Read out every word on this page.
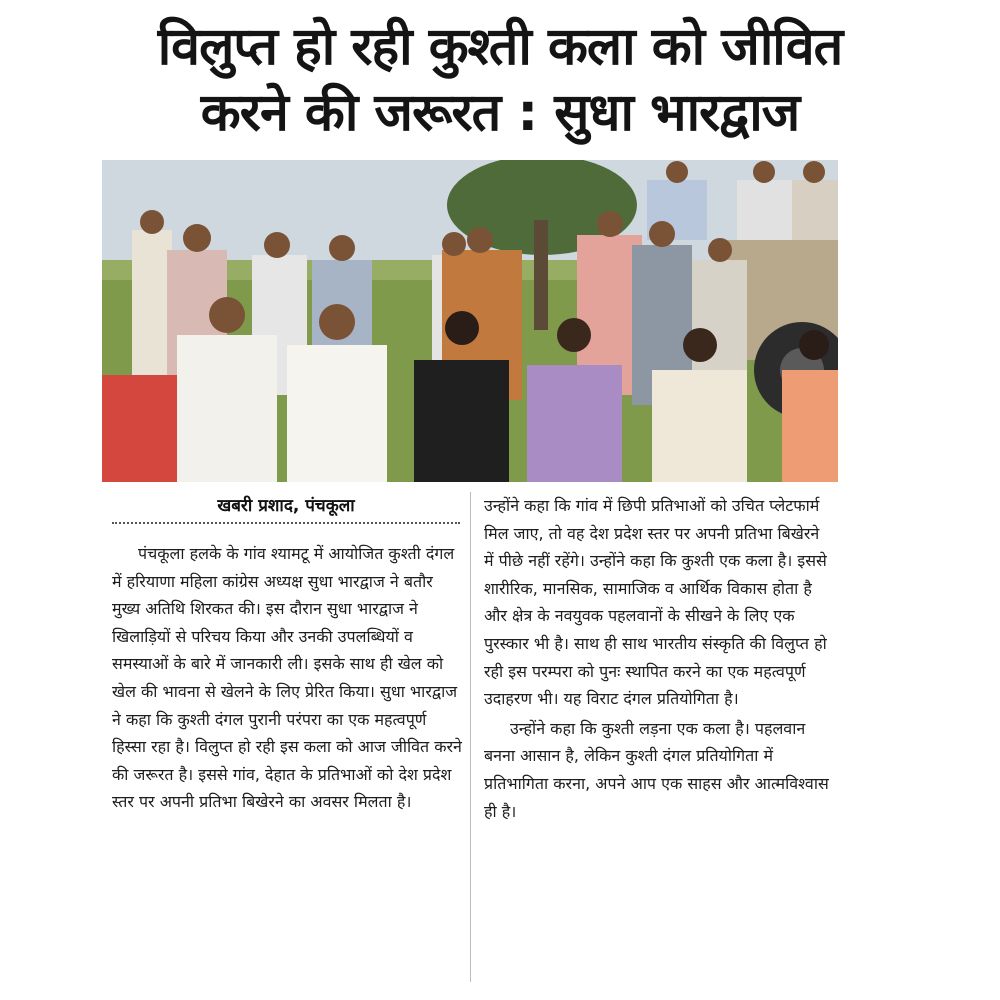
विलुप्त हो रही कुश्ती कला को जीवित
करने की जरूरत : सुधा भारद्वाज
खबरी प्रशाद, पंचकूला

पंचकूला हलके के गांव श्यामटू में आयोजित कुश्ती दंगल में हरियाणा महिला कांग्रेस अध्यक्ष सुधा भारद्वाज ने बतौर मुख्य अतिथि शिरकत की। इस दौरान सुधा भारद्वाज ने खिलाड़ियों से परिचय किया और उनकी उपलब्धियों व समस्याओं के बारे में जानकारी ली। इसके साथ ही खेल को खेल की भावना से खेलने के लिए प्रेरित किया। सुधा भारद्वाज ने कहा कि कुश्ती दंगल पुरानी परंपरा का एक महत्वपूर्ण हिस्सा रहा है। विलुप्त हो रही इस कला को आज जीवित करने की जरूरत है। इससे गांव, देहात के प्रतिभाओं को देश प्रदेश स्तर पर अपनी प्रतिभा बिखेरने का अवसर मिलता है।

उन्होंने कहा कि गांव में छिपी प्रतिभाओं को उचित प्लेटफार्म मिल जाए, तो वह देश प्रदेश स्तर पर अपनी प्रतिभा बिखेरने में पीछे नहीं रहेंगे। उन्होंने कहा कि कुश्ती एक कला है। इससे शारीरिक, मानसिक, सामाजिक व आर्थिक विकास होता है और क्षेत्र के नवयुवक पहलवानों के सीखने के लिए एक पुरस्कार भी है। साथ ही साथ भारतीय संस्कृति की विलुप्त हो रही इस परम्परा को पुनः स्थापित करने का एक महत्वपूर्ण उदाहरण भी। यह विराट दंगल प्रतियोगिता है।

उन्होंने कहा कि कुश्ती लड़ना एक कला है। पहलवान बनना आसान है, लेकिन कुश्ती दंगल प्रतियोगिता में प्रतिभागिता करना, अपने आप एक साहस और आत्मविश्वास ही है।
